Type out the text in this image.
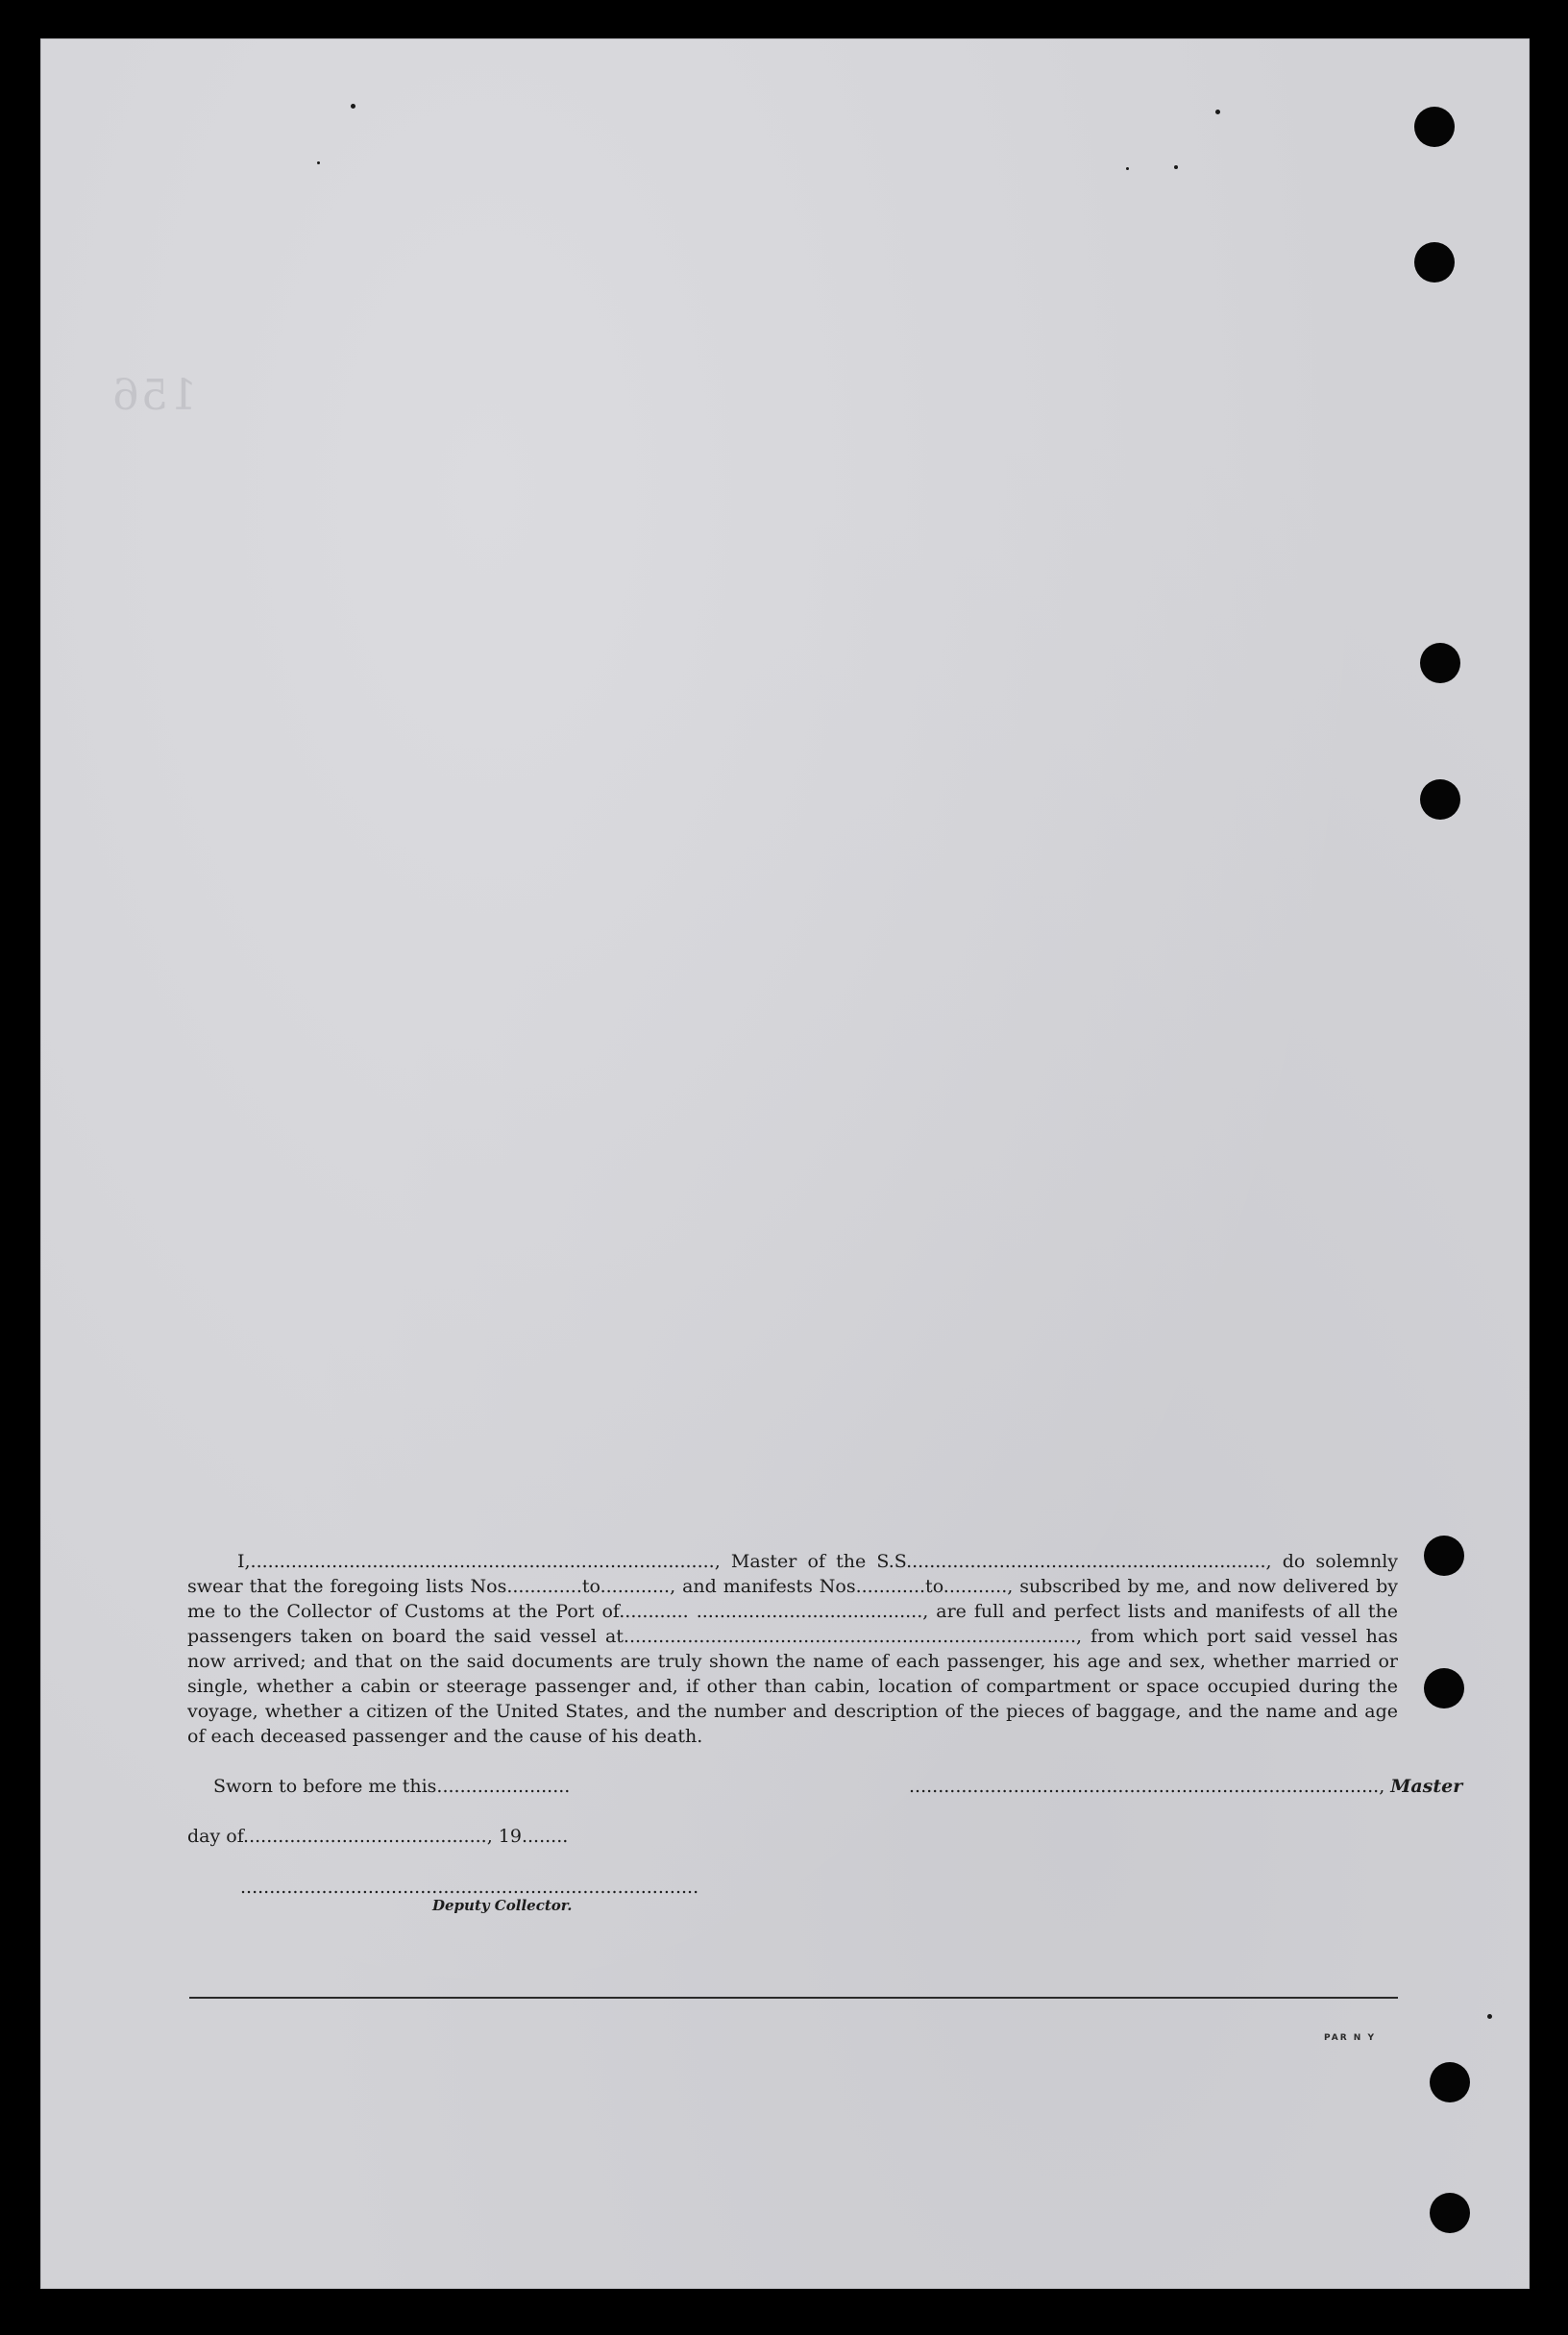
156
I,................................................................................, Master of the S.S.............................................................., do solemnly swear that the foregoing lists Nos.............to............, and manifests Nos............to..........., subscribed by me, and now delivered by me to the Collector of Customs at the Port of............ ......................................., are full and perfect lists and manifests of all the passengers taken on board the said vessel at.............................................................................., from which port said vessel has now arrived; and that on the said documents are truly shown the name of each passenger, his age and sex, whether married or single, whether a cabin or steerage passenger and, if other than cabin, location of compartment or space occupied during the voyage, whether a citizen of the United States, and the number and description of the pieces of baggage, and the name and age of each deceased passenger and the cause of his death.
Sworn to before me this.......................	................................................................................., Master
day of.........................................., 19........
...............................................................................
Deputy Collector.
PAR N Y
